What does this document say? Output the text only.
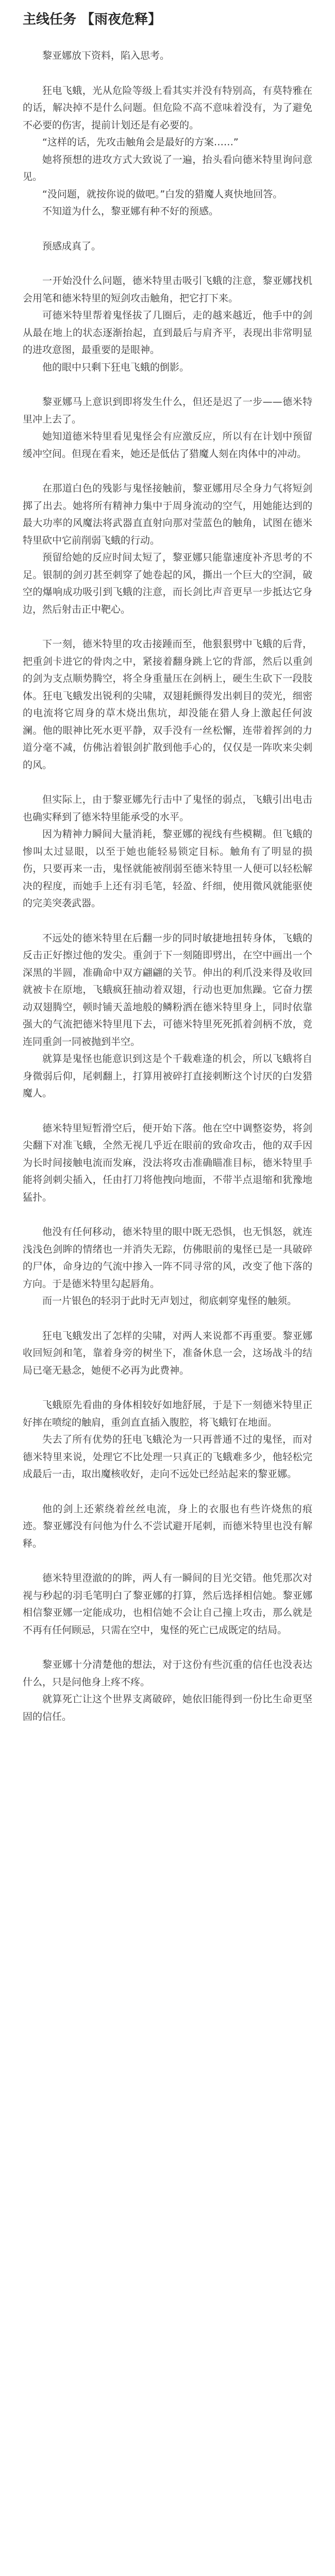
主线任务 【雨夜危释】

黎亚娜放下资料，陷入思考。

狂电飞蛾，光从危险等级上看其实并没有特别高，有莫特雅在的话，解决掉不是什么问题。但危险不高不意味着没有，为了避免不必要的伤害，提前计划还是有必要的。

“这样的话，先攻击触角会是最好的方案……”

她将预想的进攻方式大致说了一遍，抬头看向德米特里询问意见。

“没问题，就按你说的做吧。”白发的猎魔人爽快地回答。

不知道为什么，黎亚娜有种不好的预感。

预感成真了。

一开始没什么问题，德米特里击吸引飞蛾的注意，黎亚娜找机会用笔和德米特里的短剑攻击触角，把它打下来。

可德米特里帮着鬼怪拔了几圈后，走的越来越近，他手中的剑从最在地上的状态逐渐抬起，直到最后与肩齐平，表现出非常明显的进攻意图，最重要的是眼神。

他的眼中只剩下狂电飞蛾的倒影。

黎亚娜马上意识到即将发生什么，但还是迟了一步——德米特里冲上去了。

她知道德米特里看见鬼怪会有应激反应，所以有在计划中预留缓冲空间。但现在看来，她还是低估了猎魔人刻在肉体中的冲动。

在那道白色的残影与鬼怪接触前，黎亚娜用尽全身力气将短剑掷了出去。她将所有精神力集中于周身流动的空气，用她能达到的最大功率的风魔法将武器直直射向那对莹蓝色的触角，试图在德米特里砍中它前削弱飞蛾的行动。

预留给她的反应时间太短了，黎亚娜只能靠速度补齐思考的不足。银制的剑刃甚至刺穿了她卷起的风，撕出一个巨大的空洞，破空的爆响成功吸引到飞蛾的注意，而长剑比声音更早一步抵达它身边，然后射击正中靶心。

下一刻，德米特里的攻击接踵而至，他狠狠劈中飞蛾的后背，把重剑卡进它的骨肉之中，紧接着翻身跳上它的背部，然后以重剑的剑为支点顺势腾空，将全身重量压在剑柄上，硬生生砍下一段肢体。狂电飞蛾发出锐利的尖啸，双翅耗颤得发出刺目的荧光，细密的电流将它周身的草木烧出焦坑，却没能在猎人身上激起任何波澜。他的眼神比死水更平静，双手没有一丝松懈，连带着挥剑的力道分毫不减，仿佛沾着银剑扩散到他手心的，仅仅是一阵吹来尖刺的风。

但实际上，由于黎亚娜先行击中了鬼怪的弱点，飞蛾引出电击也确实释到了德米特里能承受的水平。

因为精神力瞬间大量消耗，黎亚娜的视线有些模糊。但飞蛾的惨叫太过显眼，以至于她也能轻易锁定目标。触角有了明显的损伤，只要再来一击，鬼怪就能被削弱至德米特里一人便可以轻松解决的程度，而她手上还有羽毛笔，轻盈、纤细，使用微风就能驱使的完美突袭武器。

不远处的德米特里在后翻一步的同时敏捷地扭转身体，飞蛾的反击正好擦过他的发尖。重剑于下一刻随即劈出，在空中画出一个深黑的半圆，准确命中双方翩翩的关节。伸出的利爪没来得及收回就被卡在原地，飞蛾疯狂抽动着双翅，行动也更加焦躁。它奋力摆动双翅腾空，顿时铺天盖地般的鳞粉洒在德米特里身上，同时依靠强大的气流把德米特里甩下去，可德米特里死死抓着剑柄不放，竟连同重剑一同被抛到半空。

就算是鬼怪也能意识到这是个千载难逢的机会，所以飞蛾将自身微弱后仰，尾刺翻上，打算用被碎打直接刺断这个讨厌的白发猎魔人。

德米特里短暂滑空后，便开始下落。他在空中调整姿势，将剑尖翻下对准飞蛾，全然无视几乎近在眼前的致命攻击，他的双手因为长时间接触电流而发麻，没法将攻击准确瞄准目标，德米特里手能将剑刺尖插入，任由打刀将他拽向地面，不带半点退缩和犹豫地猛扑。

他没有任何移动，德米特里的眼中既无恐惧，也无惧怒，就连浅浅色剑眸的情绪也一并消失无踪，仿佛眼前的鬼怪已是一具破碎的尸体，命身边的气流中掺入一阵不同寻常的风，改变了他下落的方向。于是德米特里勾起唇角。

而一片银色的轻羽于此时无声划过，彻底刺穿鬼怪的触须。

狂电飞蛾发出了怎样的尖啸，对两人来说都不再重要。黎亚娜收回短剑和笔，靠着身旁的树坐下，准备休息一会，这场战斗的结局已毫无悬念，她便不必再为此费神。

飞蛾原先看曲的身体相较好如地舒展，于是下一刻德米特里正好摔在喷绽的触肩，重剑直直插入腹腔，将飞蛾钉在地面。

失去了所有优势的狂电飞蛾沦为一只再普通不过的鬼怪，而对德米特里来说，处理它不比处理一只真正的飞蛾难多少，他轻松完成最后一击，取出魔核收好，走向不远处已经站起来的黎亚娜。

他的剑上还萦绕着丝丝电流，身上的衣服也有些许烧焦的痕迹。黎亚娜没有问他为什么不尝试避开尾刺，而德米特里也没有解释。

德米特里澄澈的的眸，两人有一瞬间的目光交错。他凭那次对视与秒起的羽毛笔明白了黎亚娜的打算，然后选择相信她。黎亚娜相信黎亚娜一定能成功，也相信她不会让自己撞上攻击，那么就是不再有任何顾忌，只需在空中，鬼怪的死亡已成既定的结局。

黎亚娜十分清楚他的想法，对于这份有些沉重的信任也没表达什么，只是问他身上疼不疼。

就算死亡让这个世界支离破碎，她依旧能得到一份比生命更坚固的信任。
